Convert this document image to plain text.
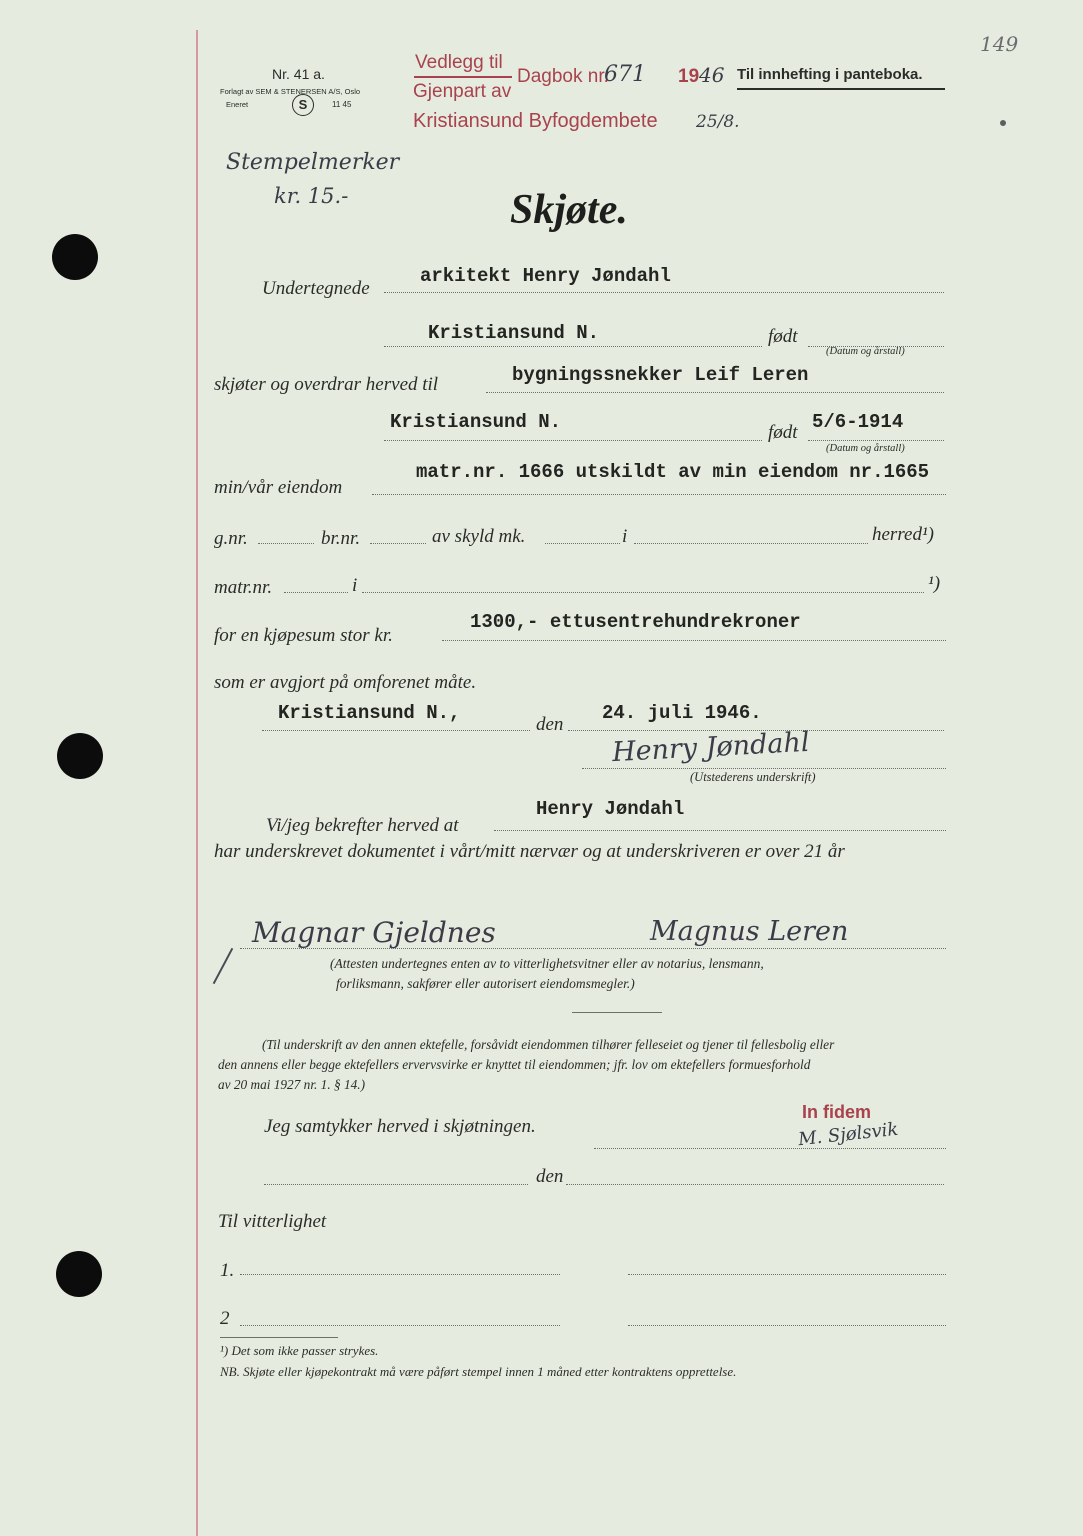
Nr. 41 a.
Forlagt av SEM & STENERSEN A/S, Oslo
Eneret	S	11 45
Vedlegg til
Gjenpart av
Kristiansund Byfogdembete
Dagbok nr.
671 19 46
25/8.
Til innhefting i panteboka.
149
Stempelmerker
kr. 15.-	Skjøte.
Undertegnede
arkitekt Henry Jøndahl
Kristiansund N.	født
(Datum og årstall)
skjøter og overdrar herved til	bygningssnekker Leif Leren
Kristiansund N.	født 5/6-1914
(Datum og årstall)
min/vår eiendom
matr.nr. 1666 utskildt av min eiendom nr.1665
g.nr.	br.nr.	av skyld mk.	i	herred¹)
matr.nr.	i	¹)
for en kjøpesum stor kr.
1300,- ettusentrehundrekroner
som er avgjort på omforenet måte.
Kristiansund N.,
den
24. juli 1946.
Henry Jøndahl
(Utstederens underskrift)
Vi/jeg bekrefter herved at
Henry Jøndahl
har underskrevet dokumentet i vårt/mitt nærvær og at underskriveren er over 21 år
Magnar Gjeldnes	Magnus Leren
(Attesten undertegnes enten av to vitterlighetsvitner eller av notarius, lensmann,
forliksmann, sakfører eller autorisert eiendomsmegler.)
(Til underskrift av den annen ektefelle, forsåvidt eiendommen tilhører felleseiet og tjener til fellesbolig eller
den annens eller begge ektefellers ervervsvirke er knyttet til eiendommen; jfr. lov om ektefellers formuesforhold
av 20 mai 1927 nr. 1. § 14.)
Jeg samtykker herved i skjøtningen.
In fidem
M. Sjølsvik
den
Til vitterlighet
1.
2
¹) Det som ikke passer strykes.
NB. Skjøte eller kjøpekontrakt må være påført stempel innen 1 måned etter kontraktens opprettelse.
